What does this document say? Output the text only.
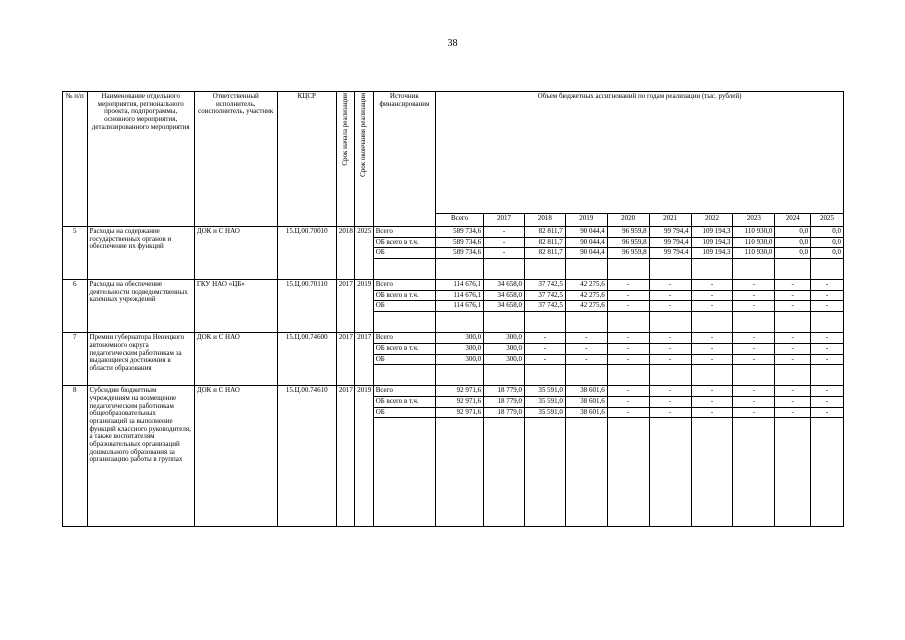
38
№ п/п	Наименование отдельного мероприятия, регионального проекта, подпрограммы, основного мероприятия, детализированного мероприятия	Ответственный исполнитель, соисполнитель, участник	КЦСР	Срок начала реализации	Срок окончания реализации	Источник финансирования	Объем бюджетных ассигнований по годам реализации (тыс. рублей)									
							Всего	2017	2018	2019	2020	2021	2022	2023	2024	2025
5	Расходы на содержание государственных органов и обеспечение их функций	ДОК и С НАО	15.Ц.00.70010	2018	2025	Всего	589 734,6	-	82 811,7	90 044,4	96 959,8	99 794,4	109 194,3	110 930,0	0,0	0,0
						ОБ всего в т.ч.	589 734,6	-	82 811,7	90 044,4	96 959,8	99 794,4	109 194,3	110 930,0	0,0	0,0
						ОБ	589 734,6	-	82 811,7	90 044,4	96 959,8	99 794,4	109 194,3	110 930,0	0,0	0,0

6	Расходы на обеспечение деятельности подведомственных казенных учреждений	ГКУ НАО «ЦБ»	15.Ц.00.70110	2017	2019	Всего	114 676,1	34 658,0	37 742,5	42 275,6	-	-	-	-	-	-
						ОБ всего в т.ч.	114 676,1	34 658,0	37 742,5	42 275,6	-	-	-	-	-	-
						ОБ	114 676,1	34 658,0	37 742,5	42 275,6	-	-	-	-	-	-

7	Премии губернатора Ненецкого автономного округа педагогическим работникам за выдающиеся достижения в области образования	ДОК и С НАО	15.Ц.00.74600	2017	2017	Всего	300,0	300,0	-	-	-	-	-	-	-	-
						ОБ всего в т.ч.	300,0	300,0	-	-	-	-	-	-	-	-
						ОБ	300,0	300,0	-	-	-	-	-	-	-	-

8	Субсидии бюджетным учреждениям на возмещение педагогическим работникам общеобразовательных организаций за выполнение функций классного руководителя, а также воспитателям образовательных организаций дошкольного образования за организацию работы в группах	ДОК и С НАО	15.Ц.00.74610	2017	2019	Всего	92 971,6	18 779,0	35 591,0	38 601,6	-	-	-	-	-	-
						ОБ всего в т.ч.	92 971,6	18 779,0	35 591,0	38 601,6	-	-	-	-	-	-
						ОБ	92 971,6	18 779,0	35 591,0	38 601,6	-	-	-	-	-	-
